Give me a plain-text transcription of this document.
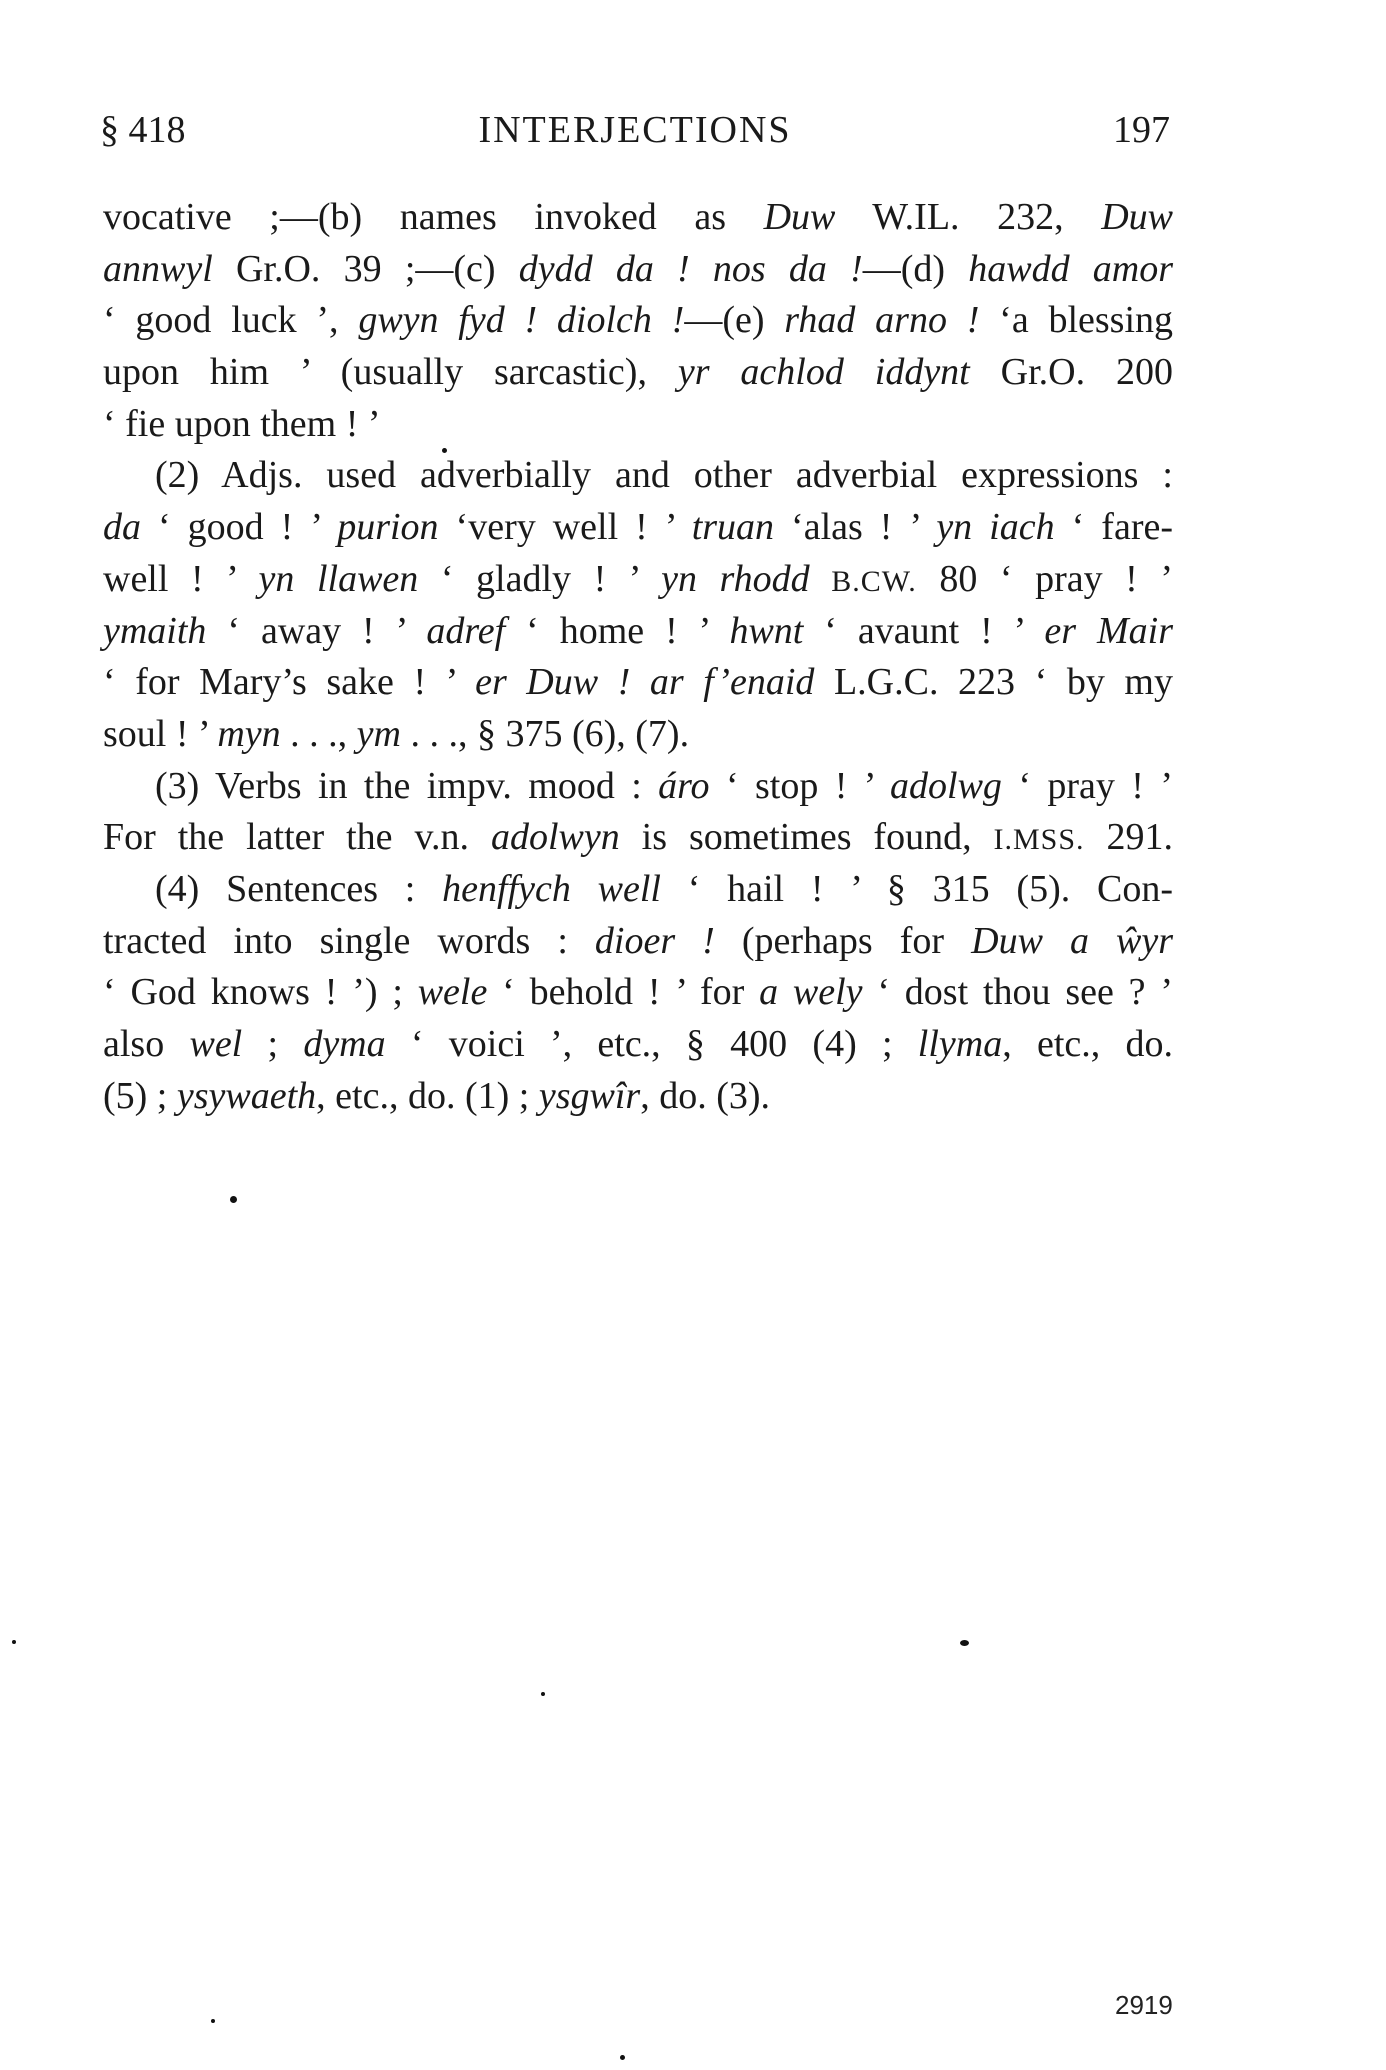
§ 418	INTERJECTIONS	197
vocative ;—(b) names invoked as Duw W.IL. 232, Duw
annwyl Gr.O. 39 ;—(c) dydd da ! nos da !—(d) hawdd amor
‘ good luck ’, gwyn fyd ! diolch !—(e) rhad arno ! ‘a blessing
upon him ’ (usually sarcastic), yr achlod iddynt Gr.O. 200
‘ fie upon them ! ’
(2) Adjs. used adverbially and other adverbial expressions :
da ‘ good ! ’ purion ‘very well ! ’ truan ‘alas ! ’ yn iach ‘ fare-
well ! ’ yn llawen ‘ gladly ! ’ yn rhodd B.CW. 80 ‘ pray ! ’
ymaith ‘ away ! ’ adref ‘ home ! ’ hwnt ‘ avaunt ! ’ er Mair
‘ for Mary’s sake ! ’ er Duw ! ar f’enaid L.G.C. 223 ‘ by my
soul ! ’ myn . . ., ym . . ., § 375 (6), (7).
(3) Verbs in the impv. mood : áro ‘ stop ! ’ adolwg ‘ pray ! ’
For the latter the v.n. adolwyn is sometimes found, I.MSS. 291.
(4) Sentences : henffych well ‘ hail ! ’ § 315 (5). Con-
tracted into single words : dioer ! (perhaps for Duw a ŵyr
‘ God knows ! ’) ; wele ‘ behold ! ’ for a wely ‘ dost thou see ? ’
also wel ; dyma ‘ voici ’, etc., § 400 (4) ; llyma, etc., do.
(5) ; ysywaeth, etc., do. (1) ; ysgwîr, do. (3).
2919
